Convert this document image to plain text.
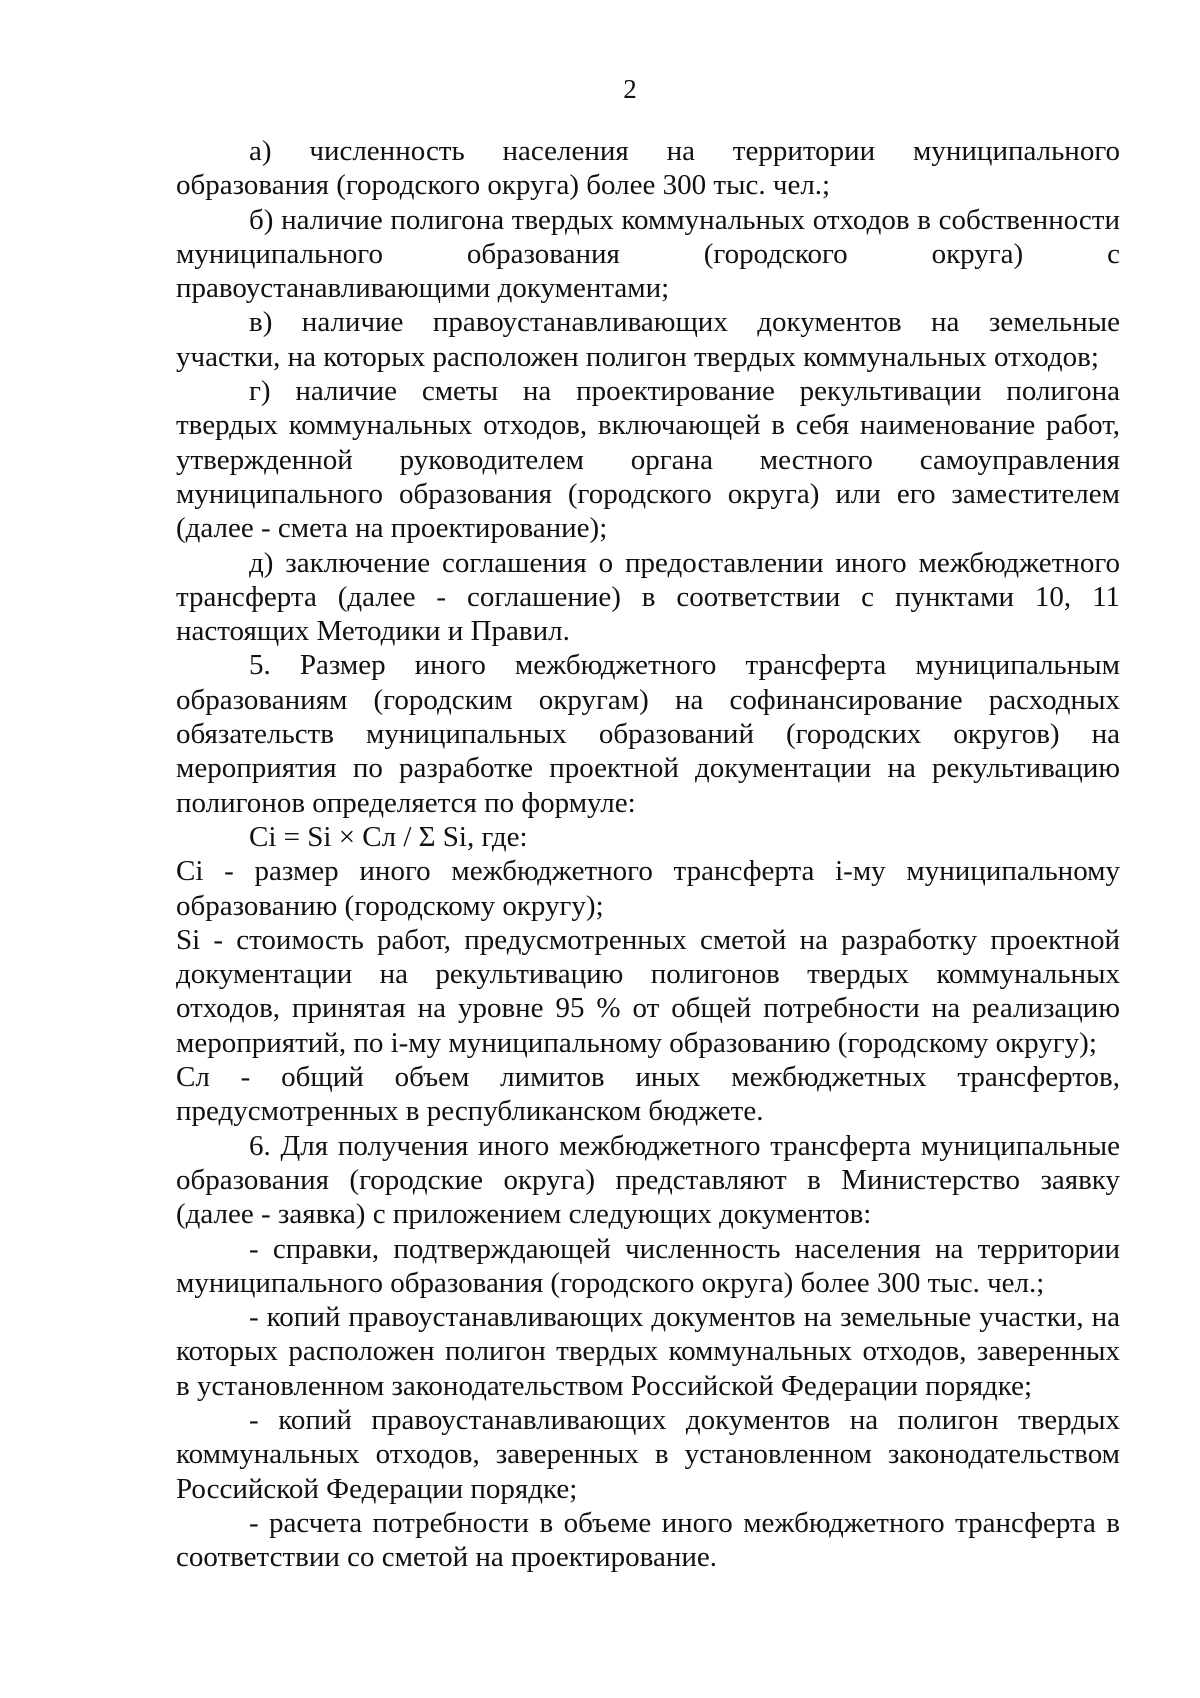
2

а) численность населения на территории муниципального образования (городского округа) более 300 тыс. чел.;

б) наличие полигона твердых коммунальных отходов в собственности муниципального образования (городского округа) с правоустанавливающими документами;

в) наличие правоустанавливающих документов на земельные участки, на которых расположен полигон твердых коммунальных отходов;

г) наличие сметы на проектирование рекультивации полигона твердых коммунальных отходов, включающей в себя наименование работ, утвержденной руководителем органа местного самоуправления муниципального образования (городского округа) или его заместителем (далее - смета на проектирование);

д) заключение соглашения о предоставлении иного межбюджетного трансферта (далее - соглашение) в соответствии с пунктами 10, 11 настоящих Методики и Правил.

5. Размер иного межбюджетного трансферта муниципальным образованиям (городским округам) на софинансирование расходных обязательств муниципальных образований (городских округов) на мероприятия по разработке проектной документации на рекультивацию полигонов определяется по формуле:

Ci = Si × Сл / Σ Si, где:

Ci - размер иного межбюджетного трансферта i-му муниципальному образованию (городскому округу);

Si - стоимость работ, предусмотренных сметой на разработку проектной документации на рекультивацию полигонов твердых коммунальных отходов, принятая на уровне 95 % от общей потребности на реализацию мероприятий, по i-му муниципальному образованию (городскому округу);

Сл - общий объем лимитов иных межбюджетных трансфертов, предусмотренных в республиканском бюджете.

6. Для получения иного межбюджетного трансферта муниципальные образования (городские округа) представляют в Министерство заявку (далее - заявка) с приложением следующих документов:

- справки, подтверждающей численность населения на территории муниципального образования (городского округа) более 300 тыс. чел.;

- копий правоустанавливающих документов на земельные участки, на которых расположен полигон твердых коммунальных отходов, заверенных в установленном законодательством Российской Федерации порядке;

- копий правоустанавливающих документов на полигон твердых коммунальных отходов, заверенных в установленном законодательством Российской Федерации порядке;

- расчета потребности в объеме иного межбюджетного трансферта в соответствии со сметой на проектирование.
